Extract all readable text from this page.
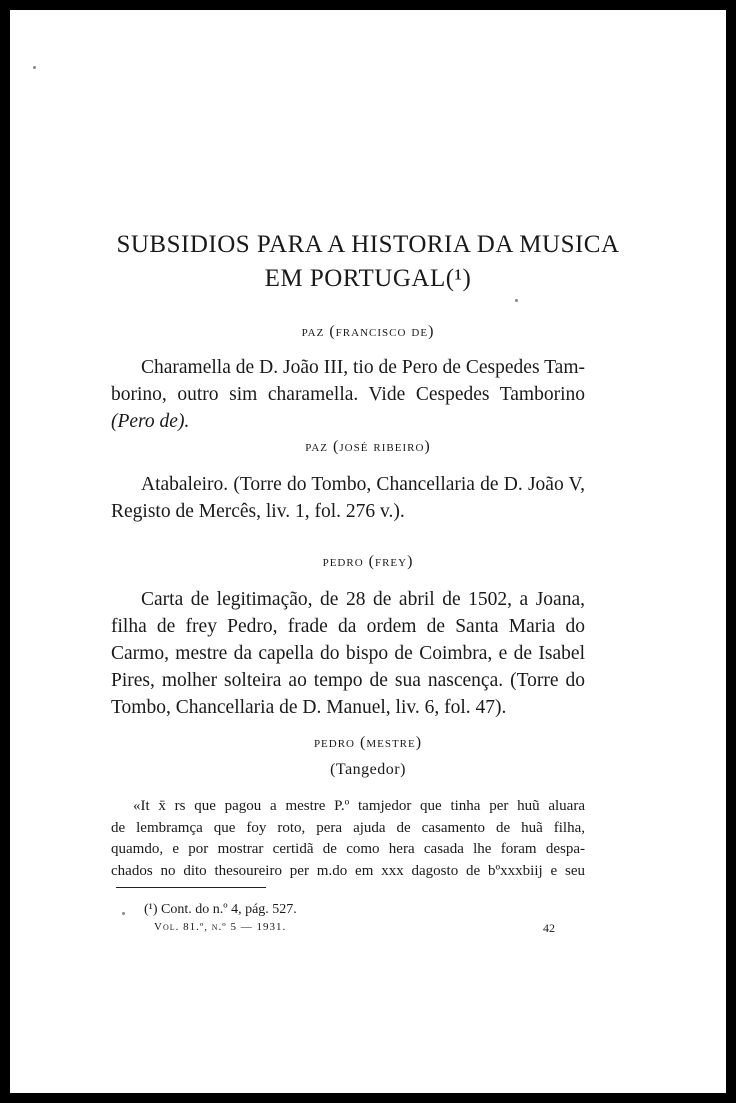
SUBSIDIOS PARA A HISTORIA DA MUSICA
EM PORTUGAL(¹)
paz (francisco de)
Charamella de D. João III, tio de Pero de Cespedes Tam-
borino, outro sim charamella. Vide Cespedes Tamborino
(Pero de).
paz (josé ribeiro)
Atabaleiro. (Torre do Tombo, Chancellaria de D. João V,
Registo de Mercês, liv. 1, fol. 276 v.).
pedro (frey)
Carta de legitimação, de 28 de abril de 1502, a Joana,
filha de frey Pedro, frade da ordem de Santa Maria do
Carmo, mestre da capella do bispo de Coimbra, e de Isabel
Pires, molher solteira ao tempo de sua nascença. (Torre do
Tombo, Chancellaria de D. Manuel, liv. 6, fol. 47).
pedro (mestre)
(Tangedor)
«It x̄ rs que pagou a mestre P.º tamjedor que tinha per huũ aluara
de lembramça que foy roto, pera ajuda de casamento de huã filha,
quamdo, e por mostrar certidã de como hera casada lhe foram despa-
chados no dito thesoureiro per m.do em xxx dagosto de bºxxxbiij e seu
(¹) Cont. do n.º 4, pág. 527.
Vol. 81.º, n.º 5 — 1931.	42
